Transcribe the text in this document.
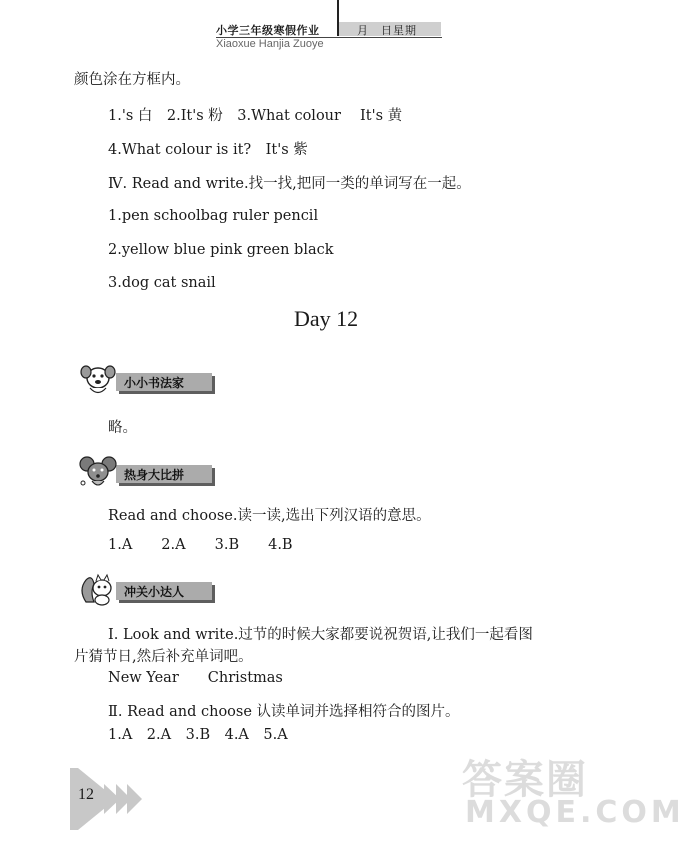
小学三年级寒假作业	月　日星期
Xiaoxue Hanjia Zuoye
颜色涂在方框内。
1.'s 白　2.It's 粉　3.What colour　 It's 黄
4.What colour is it?　It's 紫
Ⅳ. Read and write.找一找,把同一类的单词写在一起。
1.pen schoolbag ruler pencil
2.yellow blue pink green black
3.dog cat snail
Day 12
小小书法家
略。
热身大比拼
Read and choose.读一读,选出下列汉语的意思。
1.A　　2.A　　3.B　　4.B
冲关小达人
Ⅰ. Look and write.过节的时候大家都要说祝贺语,让我们一起看图
片猜节日,然后补充单词吧。
New Year　　Christmas
Ⅱ. Read and choose 认读单词并选择相符合的图片。
1.A　2.A　3.B　4.A　5.A
12	答案圈
MXQE.COM
